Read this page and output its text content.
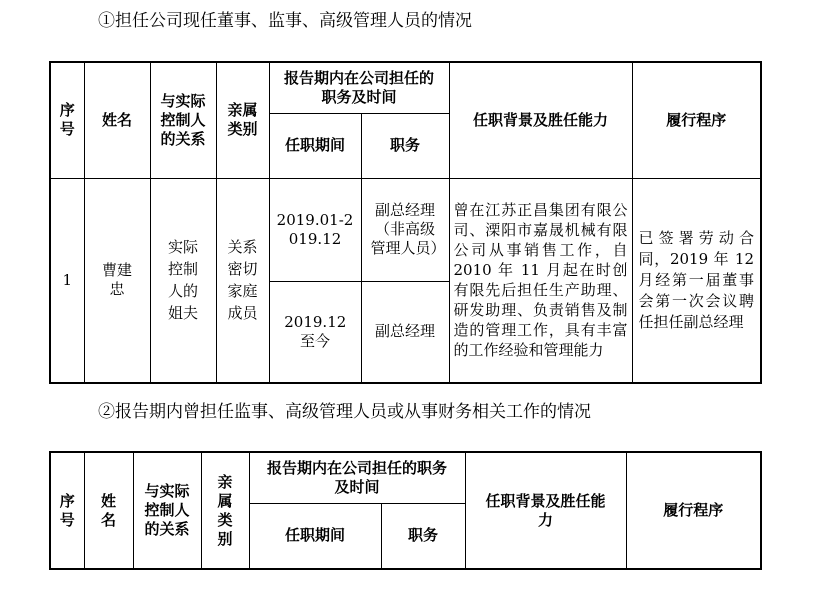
①担任公司现任董事、监事、高级管理人员的情况
序号	姓名	与实际控制人的关系	亲属类别	报告期内在公司担任的职务及时间		任职背景及胜任能力	履行程序
				任职期间	职务		
1	曹建忠	实际控制人的姐夫	关系密切家庭成员	2019.01-2019.12	副总经理（非高级管理人员）	曾在江苏正昌集团有限公司、溧阳市嘉晟机械有限公司从事销售工作，自 2010 年 11 月起在时创有限先后担任生产助理、研发助理、负责销售及制造的管理工作，具有丰富的工作经验和管理能力	已签署劳动合同，2019 年 12 月经第一届董事会第一次会议聘任担任副总经理
				2019.12至今	副总经理		
②报告期内曾担任监事、高级管理人员或从事财务相关工作的情况
序号	姓名	与实际控制人的关系	亲属类别	报告期内在公司担任的职务及时间		任职背景及胜任能力	履行程序
				任职期间	职务		
